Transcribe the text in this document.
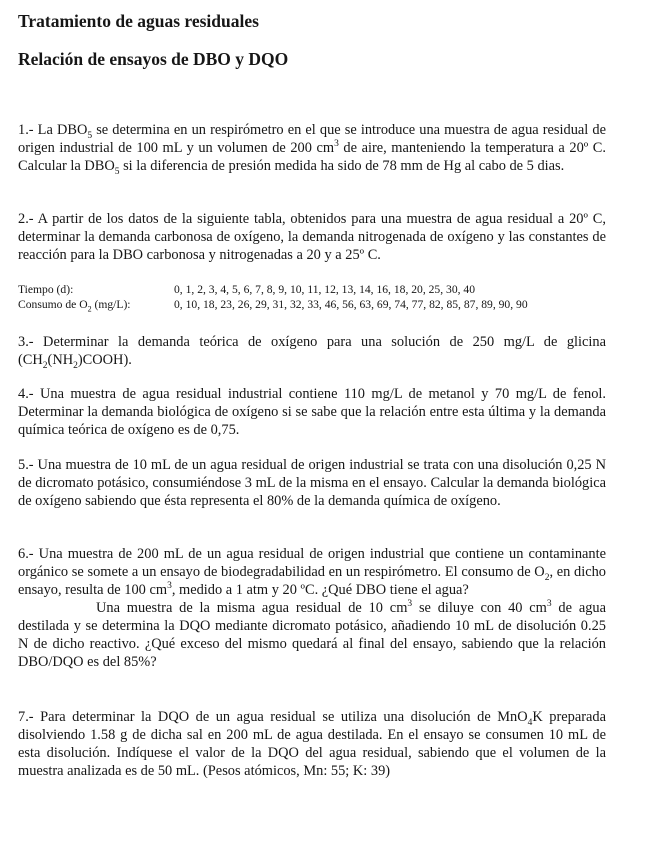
Tratamiento de aguas residuales
Relación de ensayos de DBO y DQO

1.- La $DBO_5$ se determina en un respirómetro en el que se introduce una muestra de agua residual de origen industrial de 100 mL y un volumen de 200 $cm^3$ de aire, manteniendo la temperatura a 20º C. Calcular la $DBO_5$ si la diferencia de presión medida ha sido de 78 mm de Hg al cabo de 5 dias.

2.- A partir de los datos de la siguiente tabla, obtenidos para una muestra de agua residual a 20º C, determinar la demanda carbonosa de oxígeno, la demanda nitrogenada de oxígeno y las constantes de reacción para la DBO carbonosa y nitrogenadas a 20 y a 25º C.

Tiempo (d):	0, 1, 2, 3, 4, 5, 6, 7, 8, 9, 10, 11, 12, 13, 14, 16, 18, 20, 25, 30, 40
Consumo de $O_2$ (mg/L):	0, 10, 18, 23, 26, 29, 31, 32, 33, 46, 56, 63, 69, 74, 77, 82, 85, 87, 89, 90, 90

3.- Determinar la demanda teórica de oxígeno para una solución de 250 mg/L de glicina $(CH_2(NH_2)COOH)$.

4.- Una muestra de agua residual industrial contiene 110 mg/L de metanol y 70 mg/L de fenol. Determinar la demanda biológica de oxígeno si se sabe que la relación entre esta última y la demanda química teórica de oxígeno es de 0,75.

5.- Una muestra de 10 mL de un agua residual de origen industrial se trata con una disolución 0,25 N de dicromato potásico, consumiéndose 3 mL de la misma en el ensayo. Calcular la demanda biológica de oxígeno sabiendo que ésta representa el 80% de la demanda química de oxígeno.

6.- Una muestra de 200 mL de un agua residual de origen industrial que contiene un contaminante orgánico se somete a un ensayo de biodegradabilidad en un respirómetro. El consumo de $O_2$, en dicho ensayo, resulta de 100 $cm^3$, medido a 1 atm y 20 ºC. ¿Qué DBO tiene el agua?
Una muestra de la misma agua residual de 10 $cm^3$ se diluye con 40 $cm^3$ de agua destilada y se determina la DQO mediante dicromato potásico, añadiendo 10 mL de disolución 0.25 N de dicho reactivo. ¿Qué exceso del mismo quedará al final del ensayo, sabiendo que la relación DBO/DQO es del 85%?

7.- Para determinar la DQO de un agua residual se utiliza una disolución de MnO$_4$K preparada disolviendo 1.58 g de dicha sal en 200 mL de agua destilada. En el ensayo se consumen 10 mL de esta disolución. Indíquese el valor de la DQO del agua residual, sabiendo que el volumen de la muestra analizada es de 50 mL. (Pesos atómicos, Mn: 55; K: 39)
